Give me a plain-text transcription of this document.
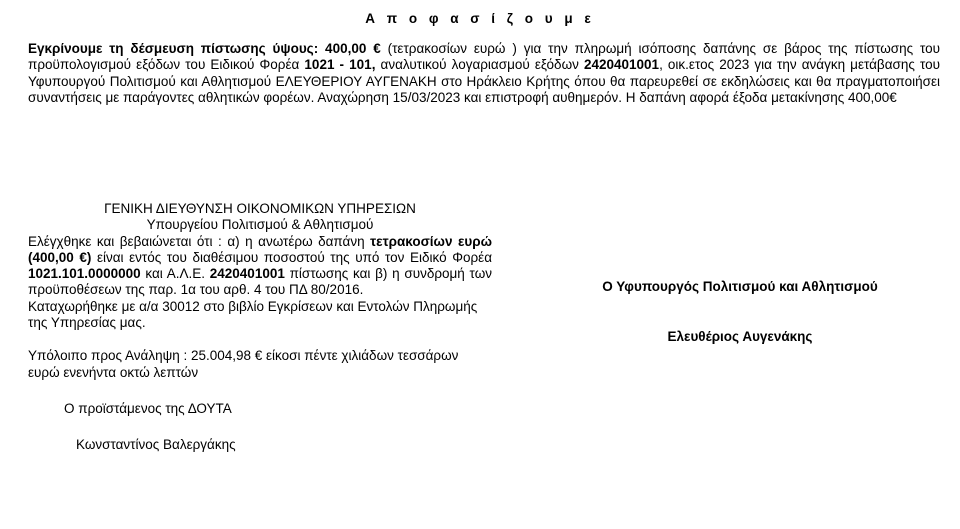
Α π ο φ α σ ί ζ ο υ μ ε
Εγκρίνουμε τη δέσμευση πίστωσης ύψους: 400,00 € (τετρακοσίων ευρώ ) για την πληρωμή ισόποσης δαπάνης σε βάρος της πίστωσης του προϋπολογισμού εξόδων του Ειδικού Φορέα 1021 - 101, αναλυτικού λογαριασμού εξόδων 2420401001, οικ.ετος 2023 για την ανάγκη μετάβασης του Υφυπουργού Πολιτισμού και Αθλητισμού ΕΛΕΥΘΕΡΙΟΥ ΑΥΓΕΝΑΚΗ στο Ηράκλειο Κρήτης όπου θα παρευρεθεί σε εκδηλώσεις και θα πραγματοποιήσει συναντήσεις με παράγοντες αθλητικών φορέων. Αναχώρηση 15/03/2023 και επιστροφή αυθημερόν. Η δαπάνη αφορά έξοδα μετακίνησης 400,00€

ΓΕΝΙΚΗ ΔΙΕΥΘΥΝΣΗ ΟΙΚΟΝΟΜΙΚΩΝ ΥΠΗΡΕΣΙΩΝ

Υπουργείου Πολιτισμού & Αθλητισμού

Ελέγχθηκε και βεβαιώνεται ότι : α) η ανωτέρω δαπάνη τετρακοσίων ευρώ (400,00 €) είναι εντός του διαθέσιμου ποσοστού της υπό τον Ειδικό Φορέα 1021.101.0000000 και Α.Λ.Ε. 2420401001 πίστωσης και β) η συνδρομή των προϋποθέσεων της παρ. 1α του αρθ. 4 του ΠΔ 80/2016.

Καταχωρήθηκε με α/α 30012 στο βιβλίο Εγκρίσεων και Εντολών Πληρωμής της Υπηρεσίας μας.

Υπόλοιπο προς Ανάληψη : 25.004,98 € είκοσι πέντε χιλιάδων τεσσάρων ευρώ ενενήντα οκτώ λεπτών

Ο προϊστάμενος της ΔΟΥΤΑ

Κωνσταντίνος Βαλεργάκης

Ο Υφυπουργός Πολιτισμού και Αθλητισμού
Ελευθέριος Αυγενάκης
